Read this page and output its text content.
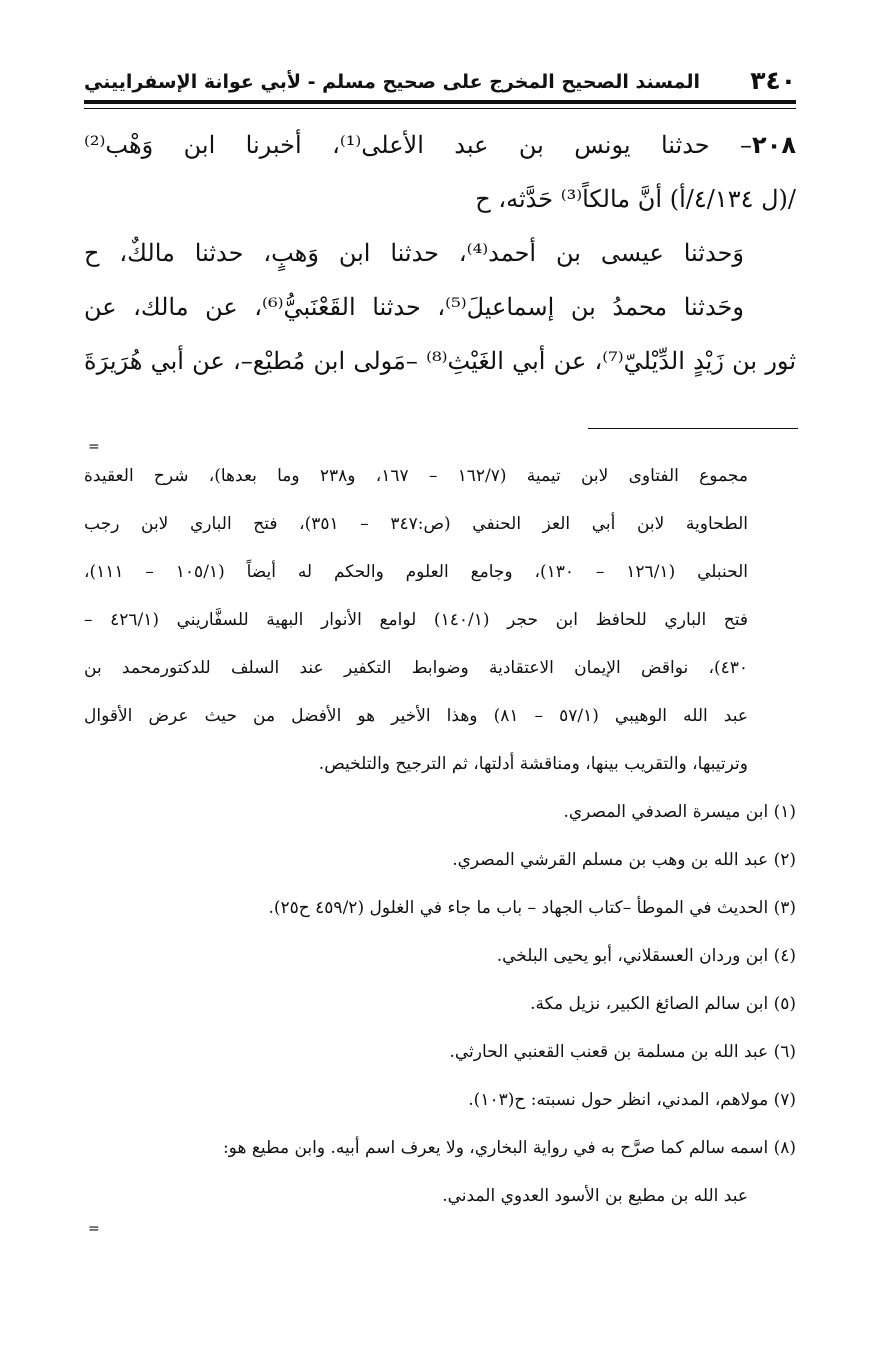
٣٤٠
المسند الصحيح المخرج على صحيح مسلم - لأبي عوانة الإسفراييني

٢٠٨– حدثنا يونس بن عبد الأعلى⁽¹⁾، أخبرنا ابن وَهْب⁽²⁾
/(ل ٤/١٣٤/أ) أنَّ مالكاً⁽³⁾ حَدَّثه، ح
وَحدثنا عيسى بن أحمد⁽⁴⁾، حدثنا ابن وَهبٍ، حدثنا مالكٌ، ح
وحَدثنا محمدُ بن إسماعيلَ⁽⁵⁾، حدثنا القَعْنَبيُّ⁽⁶⁾، عن مالك، عن
ثور بن زَيْدٍ الدِّيْليّ⁽⁷⁾، عن أبي الغَيْثِ⁽⁸⁾ –مَولى ابن مُطيْع–، عن أبي هُرَيرَةَ

=
مجموع الفتاوى لابن تيمية (١٦٢/٧ – ١٦٧، و٢٣٨ وما بعدها)، شرح العقيدة
الطحاوية لابن أبي العز الحنفي (ص:٣٤٧ – ٣٥١)، فتح الباري لابن رجب
الحنبلي (١٢٦/١ – ١٣٠)، وجامع العلوم والحكم له أيضاً (١٠٥/١ – ١١١)،
فتح الباري للحافظ ابن حجر (١٤٠/١) لوامع الأنوار البهية للسفَّاريني (٤٢٦/١ –
٤٣٠)، نواقض الإيمان الاعتقادية وضوابط التكفير عند السلف للدكتورمحمد بن
عبد الله الوهيبي (٥٧/١ – ٨١) وهذا الأخير هو الأفضل من حيث عرض الأقوال
وترتيبها، والتقريب بينها، ومناقشة أدلتها، ثم الترجيح والتلخيص.
(١) ابن ميسرة الصدفي المصري.
(٢) عبد الله بن وهب بن مسلم القرشي المصري.
(٣) الحديث في الموطأ –كتاب الجهاد – باب ما جاء في الغلول (٤٥٩/٢ ح٢٥).
(٤) ابن وردان العسقلاني، أبو يحيى البلخي.
(٥) ابن سالم الصائغ الكبير، نزيل مكة.
(٦) عبد الله بن مسلمة بن قعنب القعنبي الحارثي.
(٧) مولاهم، المدني، انظر حول نسبته: ح(١٠٣).
(٨) اسمه سالم كما صرَّح به في رواية البخاري، ولا يعرف اسم أبيه. وابن مطيع هو:
عبد الله بن مطيع بن الأسود العدوي المدني.
=
